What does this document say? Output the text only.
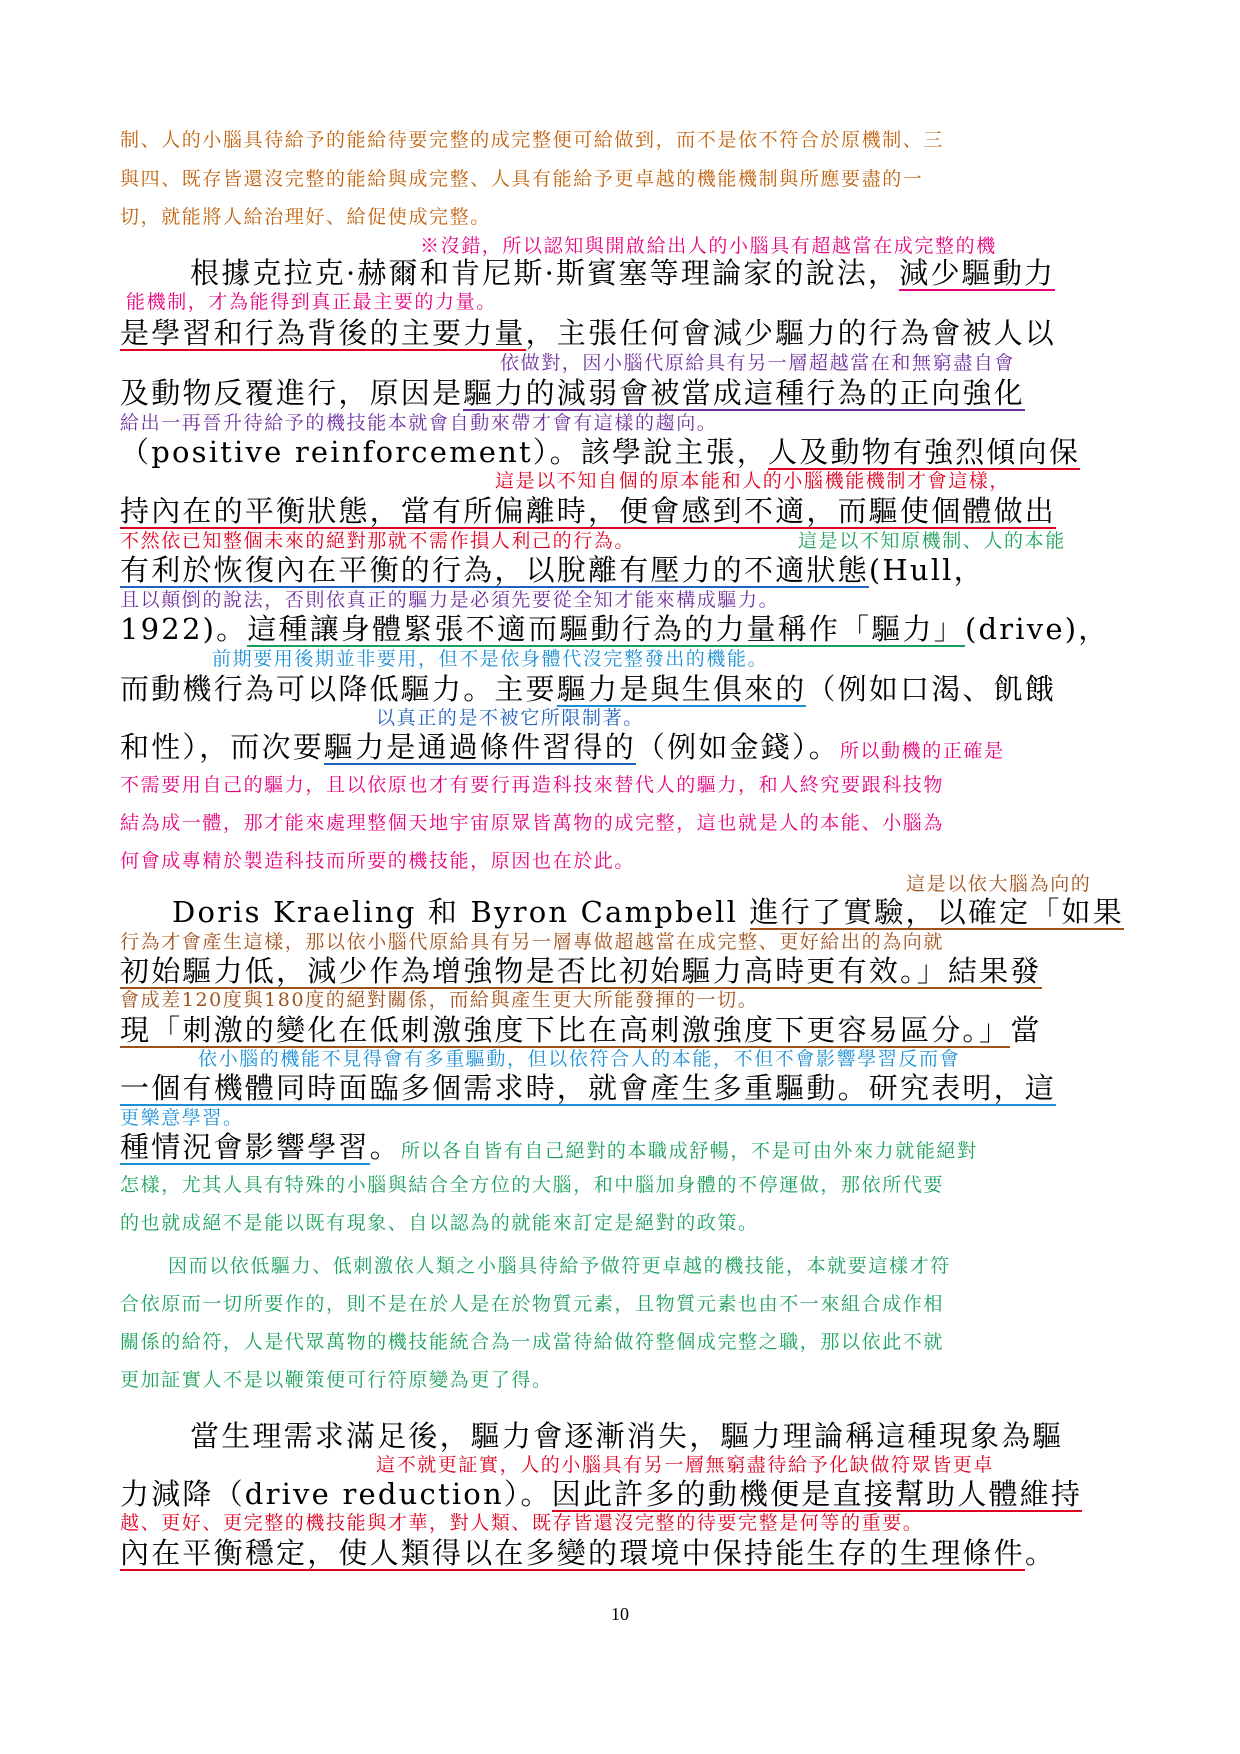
制、人的小腦具待給予的能給待要完整的成完整便可給做到，而不是依不符合於原機制、三
與四、既存皆還沒完整的能給與成完整、人具有能給予更卓越的機能機制與所應要盡的一
切，就能將人給治理好、給促使成完整。
※沒錯，所以認知與開啟給出人的小腦具有超越當在成完整的機
根據克拉克·赫爾和肯尼斯·斯賓塞等理論家的說法，減少驅動力
能機制，才為能得到真正最主要的力量。
是學習和行為背後的主要力量，主張任何會減少驅力的行為會被人以
依做對，因小腦代原給具有另一層超越當在和無窮盡自會
及動物反覆進行，原因是驅力的減弱會被當成這種行為的正向強化
給出一再晉升待給予的機技能本就會自動來帶才會有這樣的趨向。
（positive reinforcement）。該學說主張，人及動物有強烈傾向保
這是以不知自個的原本能和人的小腦機能機制才會這樣，
持內在的平衡狀態，當有所偏離時，便會感到不適，而驅使個體做出
不然依已知整個未來的絕對那就不需作損人利己的行為。	這是以不知原機制、人的本能
有利於恢復內在平衡的行為，以脫離有壓力的不適狀態(Hull，
且以顛倒的說法，否則依真正的驅力是必須先要從全知才能來構成驅力。
1922)。這種讓身體緊張不適而驅動行為的力量稱作「驅力」(drive)，
前期要用後期並非要用，但不是依身體代沒完整發出的機能。
而動機行為可以降低驅力。主要驅力是與生俱來的（例如口渴、飢餓
以真正的是不被它所限制著。
和性），而次要驅力是通過條件習得的（例如金錢）。所以動機的正確是
不需要用自己的驅力，且以依原也才有要行再造科技來替代人的驅力，和人終究要跟科技物
結為成一體，那才能來處理整個天地宇宙原眾皆萬物的成完整，這也就是人的本能、小腦為
何會成專精於製造科技而所要的機技能，原因也在於此。
這是以依大腦為向的
Doris Kraeling 和 Byron Campbell 進行了實驗，以確定「如果
行為才會產生這樣，那以依小腦代原給具有另一層專做超越當在成完整、更好給出的為向就
初始驅力低，減少作為增強物是否比初始驅力高時更有效。」結果發
會成差120度與180度的絕對關係，而給與產生更大所能發揮的一切。
現「刺激的變化在低刺激強度下比在高刺激強度下更容易區分。」當
依小腦的機能不見得會有多重驅動，但以依符合人的本能，不但不會影響學習反而會
一個有機體同時面臨多個需求時，就會產生多重驅動。研究表明，這
更樂意學習。
種情況會影響學習。所以各自皆有自己絕對的本職成舒暢，不是可由外來力就能絕對
怎樣，尤其人具有特殊的小腦與結合全方位的大腦，和中腦加身體的不停運做，那依所代要
的也就成絕不是能以既有現象、自以認為的就能來訂定是絕對的政策。
因而以依低驅力、低刺激依人類之小腦具待給予做符更卓越的機技能，本就要這樣才符
合依原而一切所要作的，則不是在於人是在於物質元素，且物質元素也由不一來組合成作相
關係的給符，人是代眾萬物的機技能統合為一成當待給做符整個成完整之職，那以依此不就
更加証實人不是以鞭策便可行符原變為更了得。
當生理需求滿足後，驅力會逐漸消失，驅力理論稱這種現象為驅
這不就更証實，人的小腦具有另一層無窮盡待給予化缺做符眾皆更卓
力減降（drive reduction）。因此許多的動機便是直接幫助人體維持
越、更好、更完整的機技能與才華，對人類、既存皆還沒完整的待要完整是何等的重要。
內在平衡穩定，使人類得以在多變的環境中保持能生存的生理條件。
10
